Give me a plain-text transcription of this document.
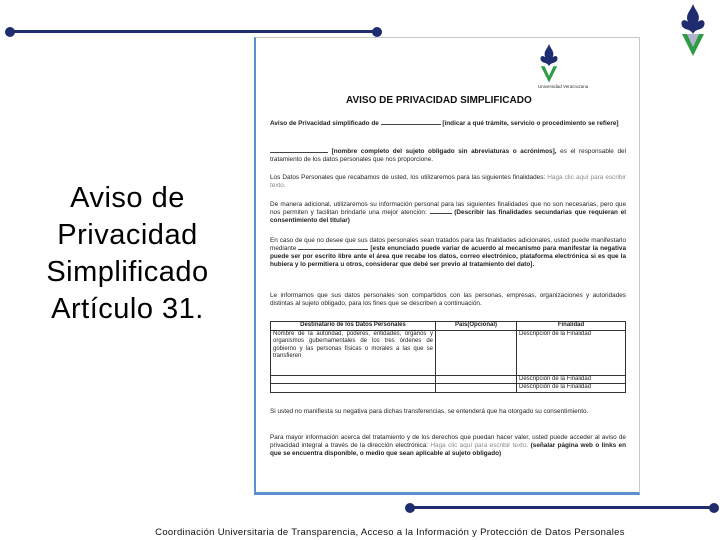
Aviso de
Privacidad
Simplificado
Artículo 31.
Universidad Veracruzana
AVISO DE PRIVACIDAD SIMPLIFICADO
Aviso de Privacidad simplificado de	[indicar a qué trámite, servicio o procedimiento se refiere]
[nombre completo del sujeto obligado sin abreviaturas o acrónimos], es el responsable del tratamiento de los datos personales que nos proporcione.
Los Datos Personales que recabamos de usted, los utilizaremos para las siguientes finalidades: Haga clic aquí para escribir texto.
De manera adicional, utilizaremos su información personal para las siguientes finalidades que no son necesarias, pero que nos permiten y facilitan brindarle una mejor atención:	(Describir las finalidades secundarias que requieran el consentimiento del titular)
En caso de que no desee que sus datos personales sean tratados para las finalidades adicionales, usted puede manifestarlo mediante	[este enunciado puede variar de acuerdo al mecanismo para manifestar la negativa puede ser por escrito libre ante el área que recabe los datos, correo electrónico, plataforma electrónica si es que la hubiera y lo permitiera u otros, considerar que debé ser previo al tratamiento del dato].
Le informamos que sus datos personales son compartidos con las personas, empresas, organizaciones y autoridades distintas al sujeto obligado, para los fines que se describen a continuación.
Destinatario de los Datos Personales	País(Opcional)	Finalidad
Nombre de la autoridad, poderes, entidades, órganos y organismos gubernamentales de los tres órdenes de gobierno y las personas físicas o morales a las que se transfieren		Descripción de la Finalidad
		Descripción de la Finalidad
		Descripción de la Finalidad
Si usted no manifiesta su negativa para dichas transferencias, se entenderá que ha otorgado su consentimiento.
Para mayor información acerca del tratamiento y de los derechos que puedan hacer valer, usted puede acceder al aviso de privacidad integral a través de la dirección electrónica: Haga clic aquí para escribir texto. (señalar página web o links en que se encuentra disponible, o medio que sean aplicable al sujeto obligado)
Coordinación Universitaria de Transparencia, Acceso a la Información y Protección de Datos Personales
